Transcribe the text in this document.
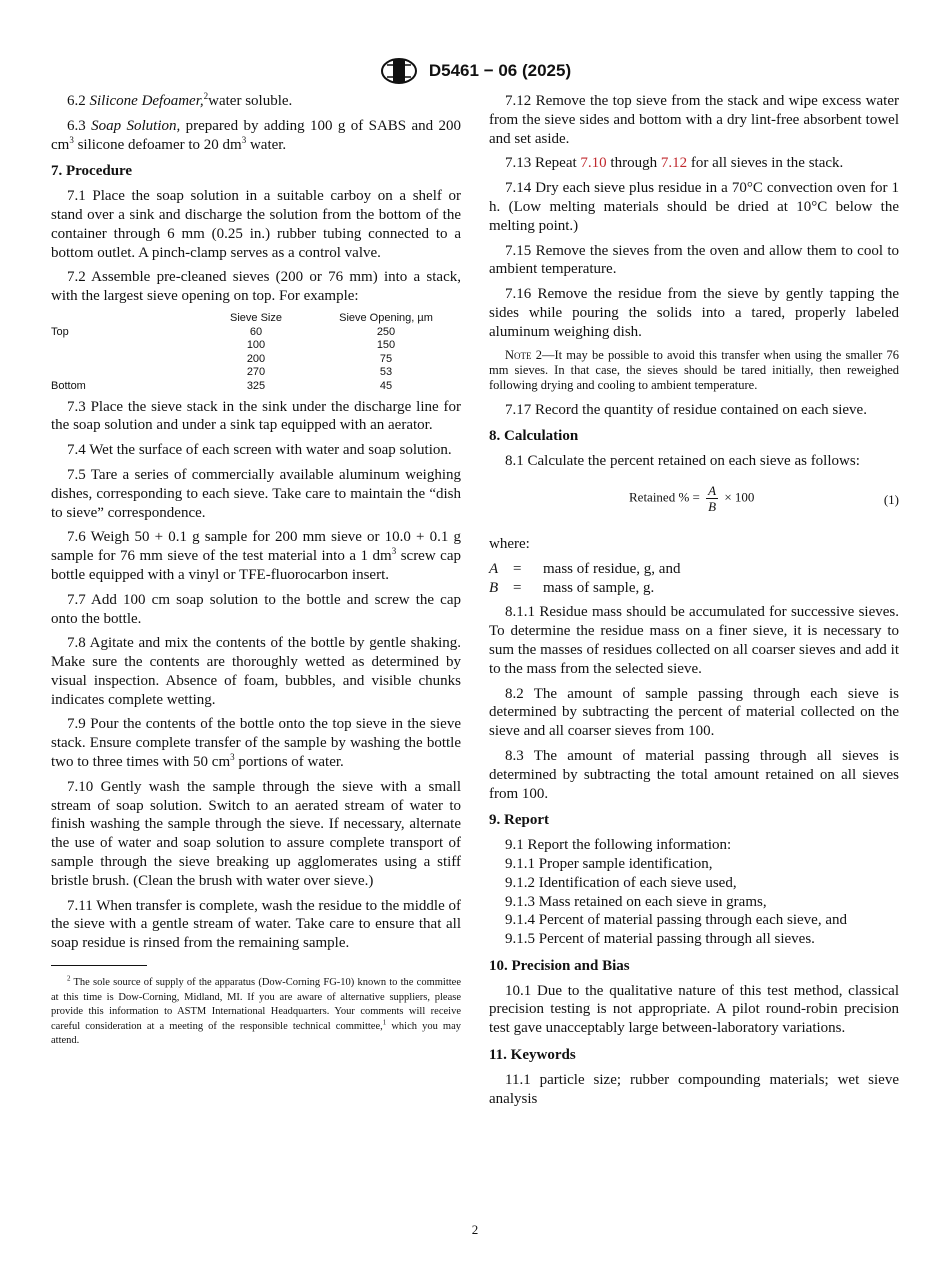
D5461 − 06 (2025)

6.2 Silicone Defoamer,$^2$water soluble.

6.3 Soap Solution, prepared by adding 100 g of SABS and 200 $cm^3$ silicone defoamer to 20 $dm^3$ water.

7. Procedure

7.1 Place the soap solution in a suitable carboy on a shelf or stand over a sink and discharge the solution from the bottom of the container through 6 mm (0.25 in.) rubber tubing connected to a bottom outlet. A pinch-clamp serves as a control valve.

7.2 Assemble pre-cleaned sieves (200 or 76 mm) into a stack, with the largest sieve opening on top. For example:

	Sieve Size	Sieve Opening, µm
Top	60	250
	100	150
	200	75
	270	53
Bottom	325	45

7.3 Place the sieve stack in the sink under the discharge line for the soap solution and under a sink tap equipped with an aerator.

7.4 Wet the surface of each screen with water and soap solution.

7.5 Tare a series of commercially available aluminum weighing dishes, corresponding to each sieve. Take care to maintain the “dish to sieve” correspondence.

7.6 Weigh 50 + 0.1 g sample for 200 mm sieve or 10.0 + 0.1 g sample for 76 mm sieve of the test material into a 1 $dm^3$ screw cap bottle equipped with a vinyl or TFE-fluorocarbon insert.

7.7 Add 100 cm soap solution to the bottle and screw the cap onto the bottle.

7.8 Agitate and mix the contents of the bottle by gentle shaking. Make sure the contents are thoroughly wetted as determined by visual inspection. Absence of foam, bubbles, and visible chunks indicates complete wetting.

7.9 Pour the contents of the bottle onto the top sieve in the sieve stack. Ensure complete transfer of the sample by washing the bottle two to three times with 50 $cm^3$ portions of water.

7.10 Gently wash the sample through the sieve with a small stream of soap solution. Switch to an aerated stream of water to finish washing the sample through the sieve. If necessary, alternate the use of water and soap solution to assure complete transport of sample through the sieve breaking up agglomerates using a stiff bristle brush. (Clean the brush with water over sieve.)

7.11 When transfer is complete, wash the residue to the middle of the sieve with a gentle stream of water. Take care to ensure that all soap residue is rinsed from the remaining sample.

$^2$ The sole source of supply of the apparatus (Dow-Corning FG-10) known to the committee at this time is Dow-Corning, Midland, MI. If you are aware of alternative suppliers, please provide this information to ASTM International Headquarters. Your comments will receive careful consideration at a meeting of the responsible technical committee,$^1$ which you may attend.

7.12 Remove the top sieve from the stack and wipe excess water from the sieve sides and bottom with a dry lint-free absorbent towel and set aside.

7.13 Repeat 7.10 through 7.12 for all sieves in the stack.

7.14 Dry each sieve plus residue in a 70°C convection oven for 1 h. (Low melting materials should be dried at 10°C below the melting point.)

7.15 Remove the sieves from the oven and allow them to cool to ambient temperature.

7.16 Remove the residue from the sieve by gently tapping the sides while pouring the solids into a tared, properly labeled aluminum weighing dish.

Note 2—It may be possible to avoid this transfer when using the smaller 76 mm sieves. In that case, the sieves should be tared initially, then reweighed following drying and cooling to ambient temperature.

7.17 Record the quantity of residue contained on each sieve.

8. Calculation

8.1 Calculate the percent retained on each sieve as follows:

Retained % = $\frac{A}{B} \times 100$	(1)

where:

A =	mass of residue, g, and
B =	mass of sample, g.

8.1.1 Residue mass should be accumulated for successive sieves. To determine the residue mass on a finer sieve, it is necessary to sum the masses of residues collected on all coarser sieves and add it to the mass from the selected sieve.

8.2 The amount of sample passing through each sieve is determined by subtracting the percent of material collected on the sieve and all coarser sieves from 100.

8.3 The amount of material passing through all sieves is determined by subtracting the total amount retained on all sieves from 100.

9. Report

9.1 Report the following information:

9.1.1 Proper sample identification,

9.1.2 Identification of each sieve used,

9.1.3 Mass retained on each sieve in grams,

9.1.4 Percent of material passing through each sieve, and

9.1.5 Percent of material passing through all sieves.

10. Precision and Bias

10.1 Due to the qualitative nature of this test method, classical precision testing is not appropriate. A pilot round-robin precision test gave unacceptably large between-laboratory variations.

11. Keywords

11.1 particle size; rubber compounding materials; wet sieve analysis

2
